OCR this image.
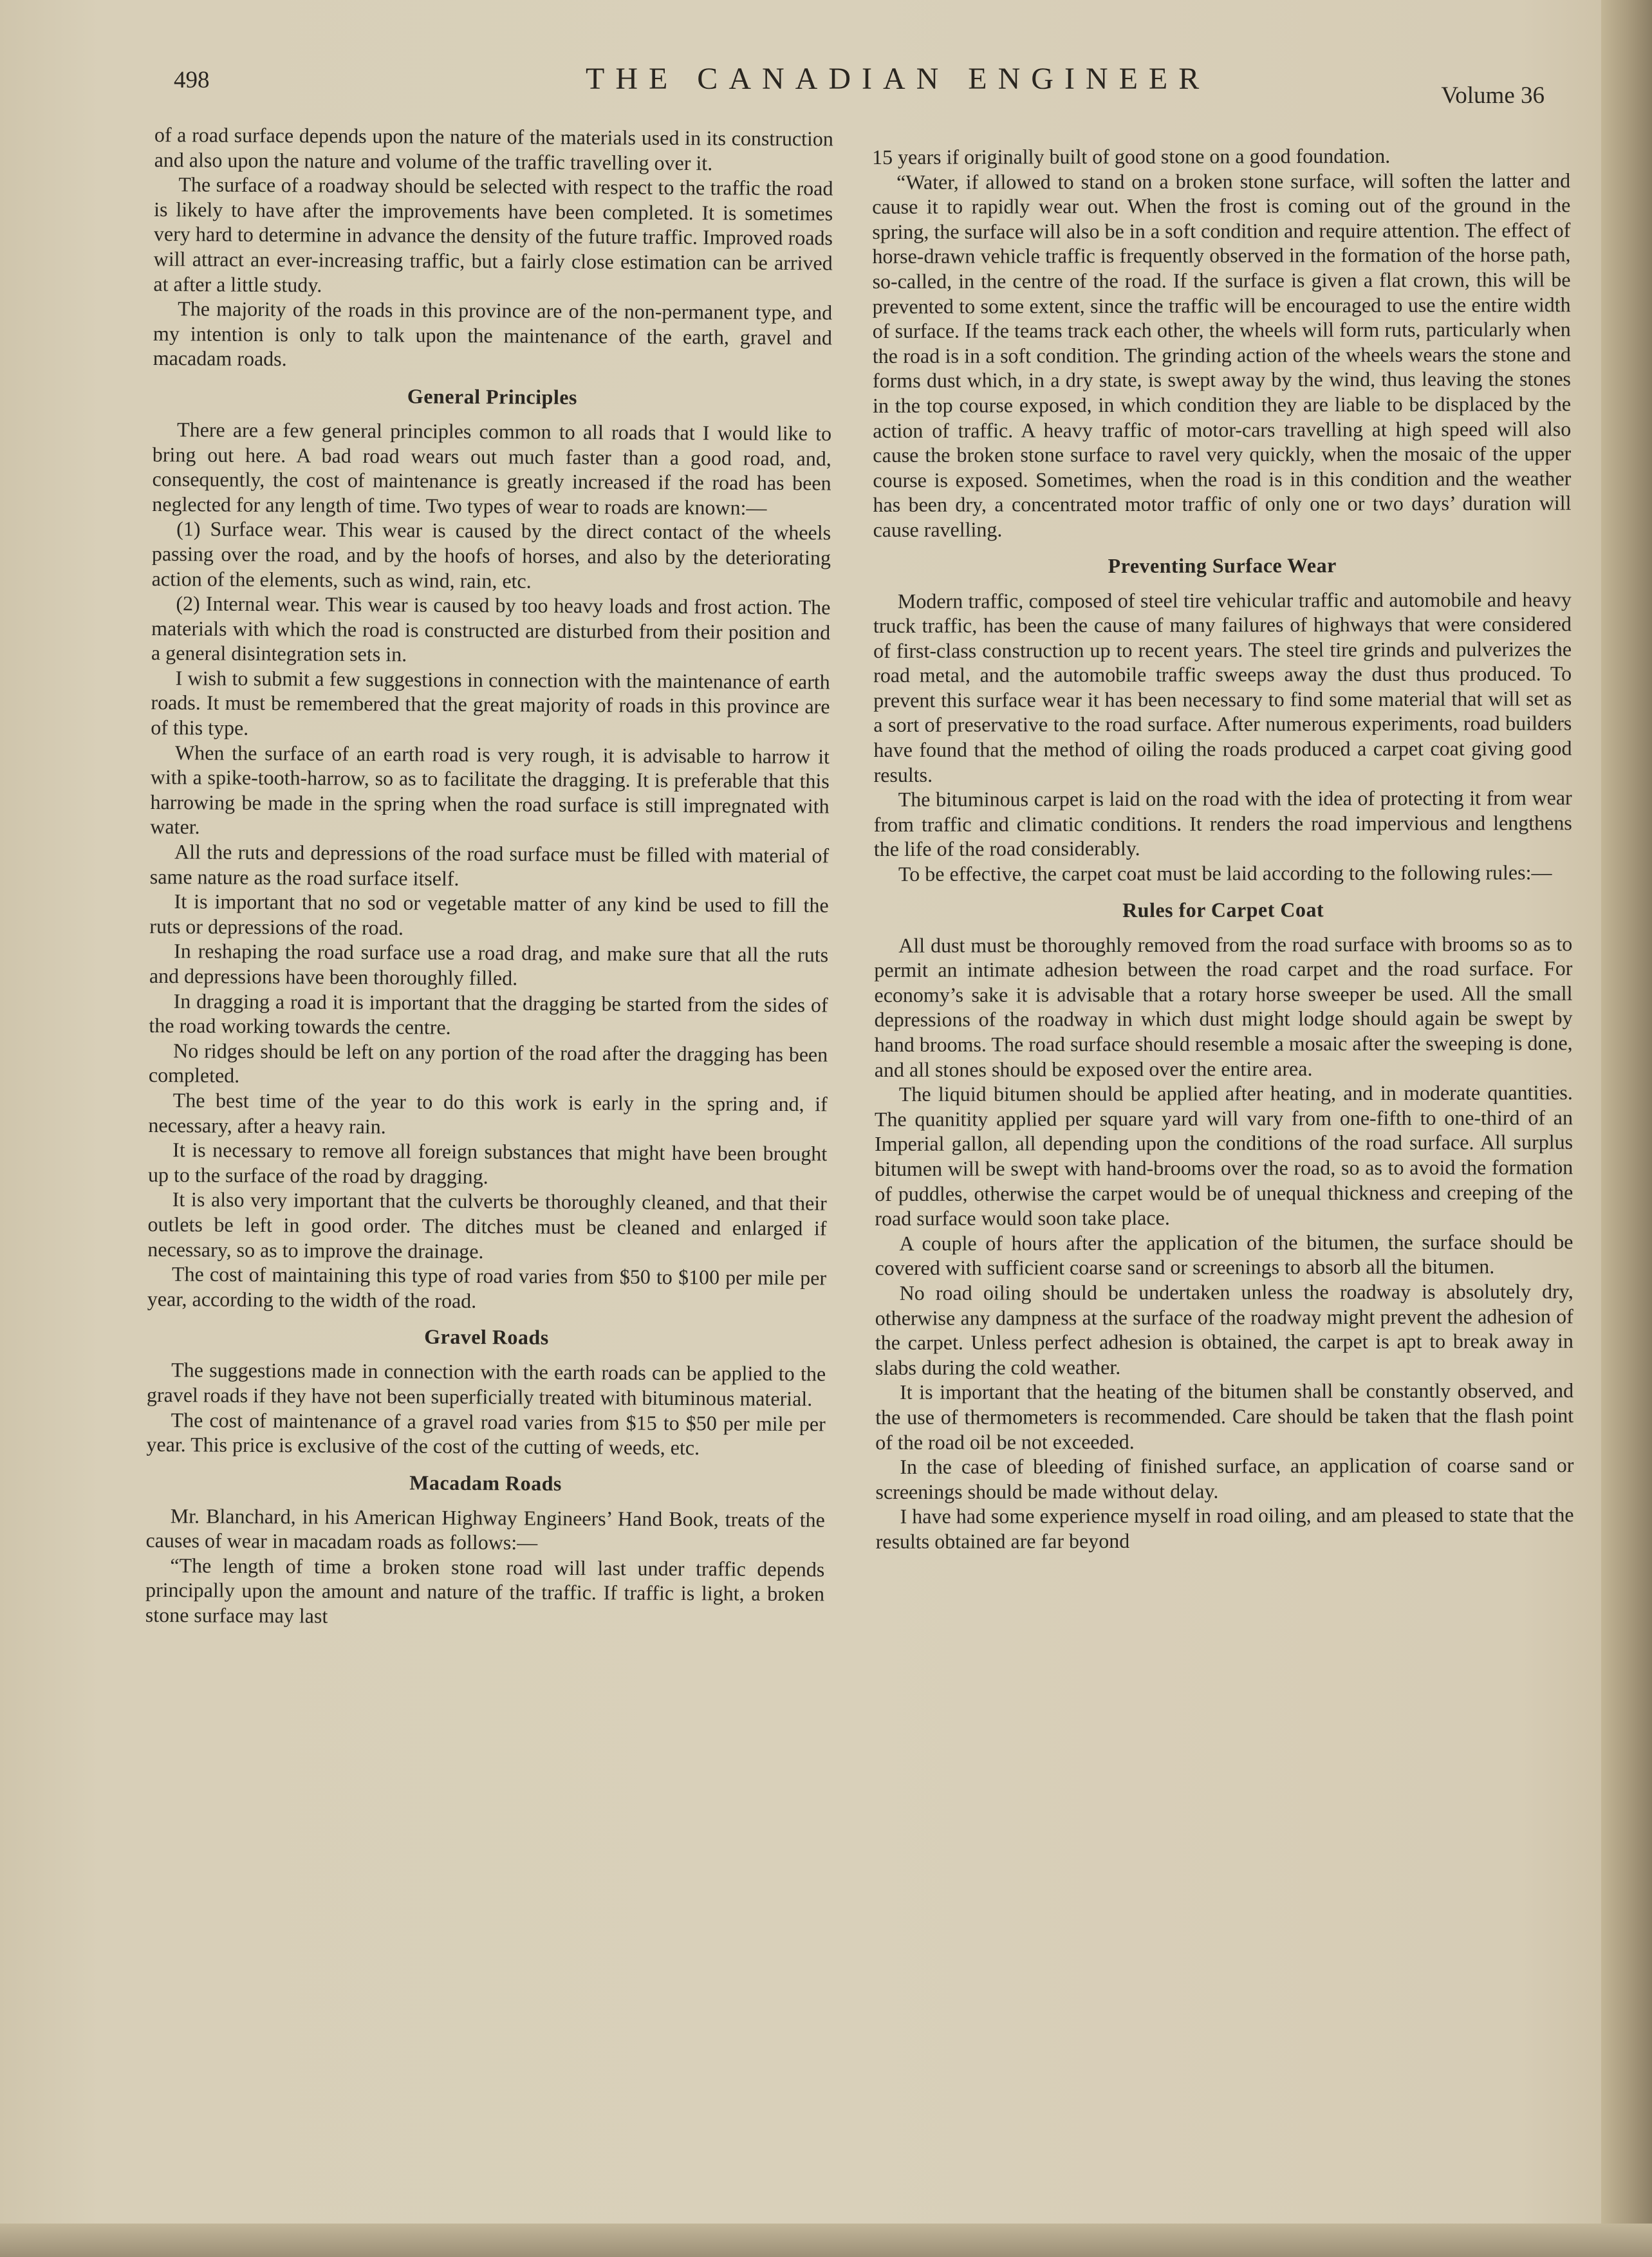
498	THE CANADIAN ENGINEER	Volume 36

of a road surface depends upon the nature of the materials used in its construction and also upon the nature and volume of the traffic travelling over it.

The surface of a roadway should be selected with respect to the traffic the road is likely to have after the improvements have been completed. It is sometimes very hard to determine in advance the density of the future traffic. Improved roads will attract an ever-increasing traffic, but a fairly close estimation can be arrived at after a little study.

The majority of the roads in this province are of the non-permanent type, and my intention is only to talk upon the maintenance of the earth, gravel and macadam roads.

General Principles

There are a few general principles common to all roads that I would like to bring out here. A bad road wears out much faster than a good road, and, consequently, the cost of maintenance is greatly increased if the road has been neglected for any length of time. Two types of wear to roads are known:—

(1) Surface wear. This wear is caused by the direct contact of the wheels passing over the road, and by the hoofs of horses, and also by the deteriorating action of the elements, such as wind, rain, etc.

(2) Internal wear. This wear is caused by too heavy loads and frost action. The materials with which the road is constructed are disturbed from their position and a general disintegration sets in.

I wish to submit a few suggestions in connection with the maintenance of earth roads. It must be remembered that the great majority of roads in this province are of this type.

When the surface of an earth road is very rough, it is advisable to harrow it with a spike-tooth-harrow, so as to facilitate the dragging. It is preferable that this harrowing be made in the spring when the road surface is still impregnated with water.

All the ruts and depressions of the road surface must be filled with material of same nature as the road surface itself.

It is important that no sod or vegetable matter of any kind be used to fill the ruts or depressions of the road.

In reshaping the road surface use a road drag, and make sure that all the ruts and depressions have been thoroughly filled.

In dragging a road it is important that the dragging be started from the sides of the road working towards the centre.

No ridges should be left on any portion of the road after the dragging has been completed.

The best time of the year to do this work is early in the spring and, if necessary, after a heavy rain.

It is necessary to remove all foreign substances that might have been brought up to the surface of the road by dragging.

It is also very important that the culverts be thoroughly cleaned, and that their outlets be left in good order. The ditches must be cleaned and enlarged if necessary, so as to improve the drainage.

The cost of maintaining this type of road varies from $50 to $100 per mile per year, according to the width of the road.

Gravel Roads

The suggestions made in connection with the earth roads can be applied to the gravel roads if they have not been superficially treated with bituminous material.

The cost of maintenance of a gravel road varies from $15 to $50 per mile per year. This price is exclusive of the cost of the cutting of weeds, etc.

Macadam Roads

Mr. Blanchard, in his American Highway Engineers’ Hand Book, treats of the causes of wear in macadam roads as follows:—

“The length of time a broken stone road will last under traffic depends principally upon the amount and nature of the traffic. If traffic is light, a broken stone surface may last

15 years if originally built of good stone on a good foundation.

“Water, if allowed to stand on a broken stone surface, will soften the latter and cause it to rapidly wear out. When the frost is coming out of the ground in the spring, the surface will also be in a soft condition and require attention. The effect of horse-drawn vehicle traffic is frequently observed in the formation of the horse path, so-called, in the centre of the road. If the surface is given a flat crown, this will be prevented to some extent, since the traffic will be encouraged to use the entire width of surface. If the teams track each other, the wheels will form ruts, particularly when the road is in a soft condition. The grinding action of the wheels wears the stone and forms dust which, in a dry state, is swept away by the wind, thus leaving the stones in the top course exposed, in which condition they are liable to be displaced by the action of traffic. A heavy traffic of motor-cars travelling at high speed will also cause the broken stone surface to ravel very quickly, when the mosaic of the upper course is exposed. Sometimes, when the road is in this condition and the weather has been dry, a concentrated motor traffic of only one or two days’ duration will cause ravelling.

Preventing Surface Wear

Modern traffic, composed of steel tire vehicular traffic and automobile and heavy truck traffic, has been the cause of many failures of highways that were considered of first-class construction up to recent years. The steel tire grinds and pulverizes the road metal, and the automobile traffic sweeps away the dust thus produced. To prevent this surface wear it has been necessary to find some material that will set as a sort of preservative to the road surface. After numerous experiments, road builders have found that the method of oiling the roads produced a carpet coat giving good results.

The bituminous carpet is laid on the road with the idea of protecting it from wear from traffic and climatic conditions. It renders the road impervious and lengthens the life of the road considerably.

To be effective, the carpet coat must be laid according to the following rules:—

Rules for Carpet Coat

All dust must be thoroughly removed from the road surface with brooms so as to permit an intimate adhesion between the road carpet and the road surface. For economy’s sake it is advisable that a rotary horse sweeper be used. All the small depressions of the roadway in which dust might lodge should again be swept by hand brooms. The road surface should resemble a mosaic after the sweeping is done, and all stones should be exposed over the entire area.

The liquid bitumen should be applied after heating, and in moderate quantities. The quanitity applied per square yard will vary from one-fifth to one-third of an Imperial gallon, all depending upon the conditions of the road surface. All surplus bitumen will be swept with hand-brooms over the road, so as to avoid the formation of puddles, otherwise the carpet would be of unequal thickness and creeping of the road surface would soon take place.

A couple of hours after the application of the bitumen, the surface should be covered with sufficient coarse sand or screenings to absorb all the bitumen.

No road oiling should be undertaken unless the roadway is absolutely dry, otherwise any dampness at the surface of the roadway might prevent the adhesion of the carpet. Unless perfect adhesion is obtained, the carpet is apt to break away in slabs during the cold weather.

It is important that the heating of the bitumen shall be constantly observed, and the use of thermometers is recommended. Care should be taken that the flash point of the road oil be not exceeded.

In the case of bleeding of finished surface, an application of coarse sand or screenings should be made without delay.

I have had some experience myself in road oiling, and am pleased to state that the results obtained are far beyond
